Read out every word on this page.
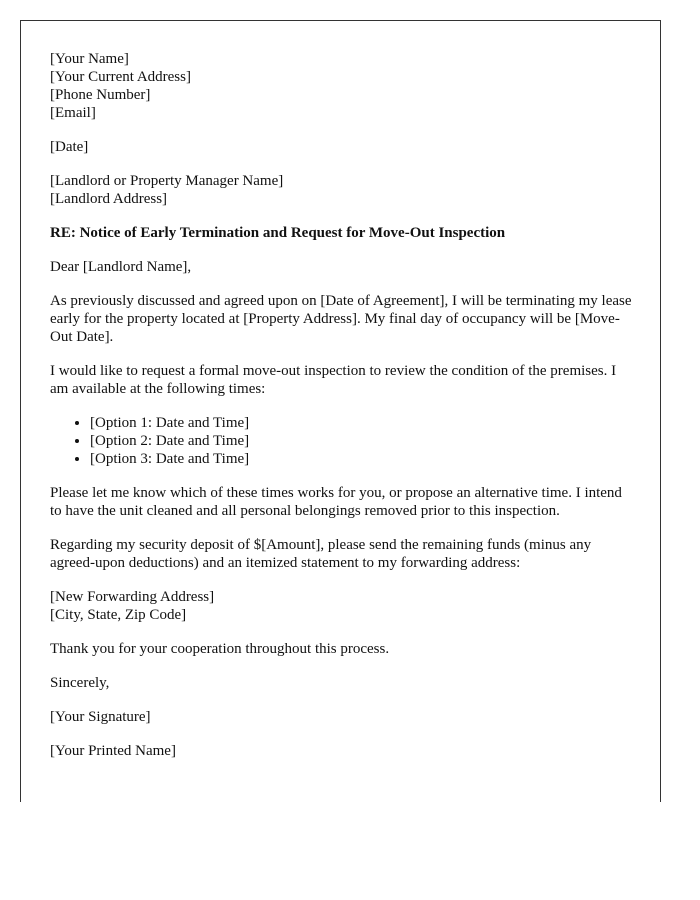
[Your Name]

[Your Current Address]

[Phone Number]

[Email]

[Date]

[Landlord or Property Manager Name]

[Landlord Address]

RE: Notice of Early Termination and Request for Move-Out Inspection

Dear [Landlord Name],

As previously discussed and agreed upon on [Date of Agreement], I will be terminating my lease early for the property located at [Property Address]. My final day of occupancy will be [Move-Out Date].

I would like to request a formal move-out inspection to review the condition of the premises. I am available at the following times:

• [Option 1: Date and Time]
• [Option 2: Date and Time]
• [Option 3: Date and Time]

Please let me know which of these times works for you, or propose an alternative time. I intend to have the unit cleaned and all personal belongings removed prior to this inspection.

Regarding my security deposit of $[Amount], please send the remaining funds (minus any agreed-upon deductions) and an itemized statement to my forwarding address:

[New Forwarding Address]

[City, State, Zip Code]

Thank you for your cooperation throughout this process.

Sincerely,

[Your Signature]

[Your Printed Name]
